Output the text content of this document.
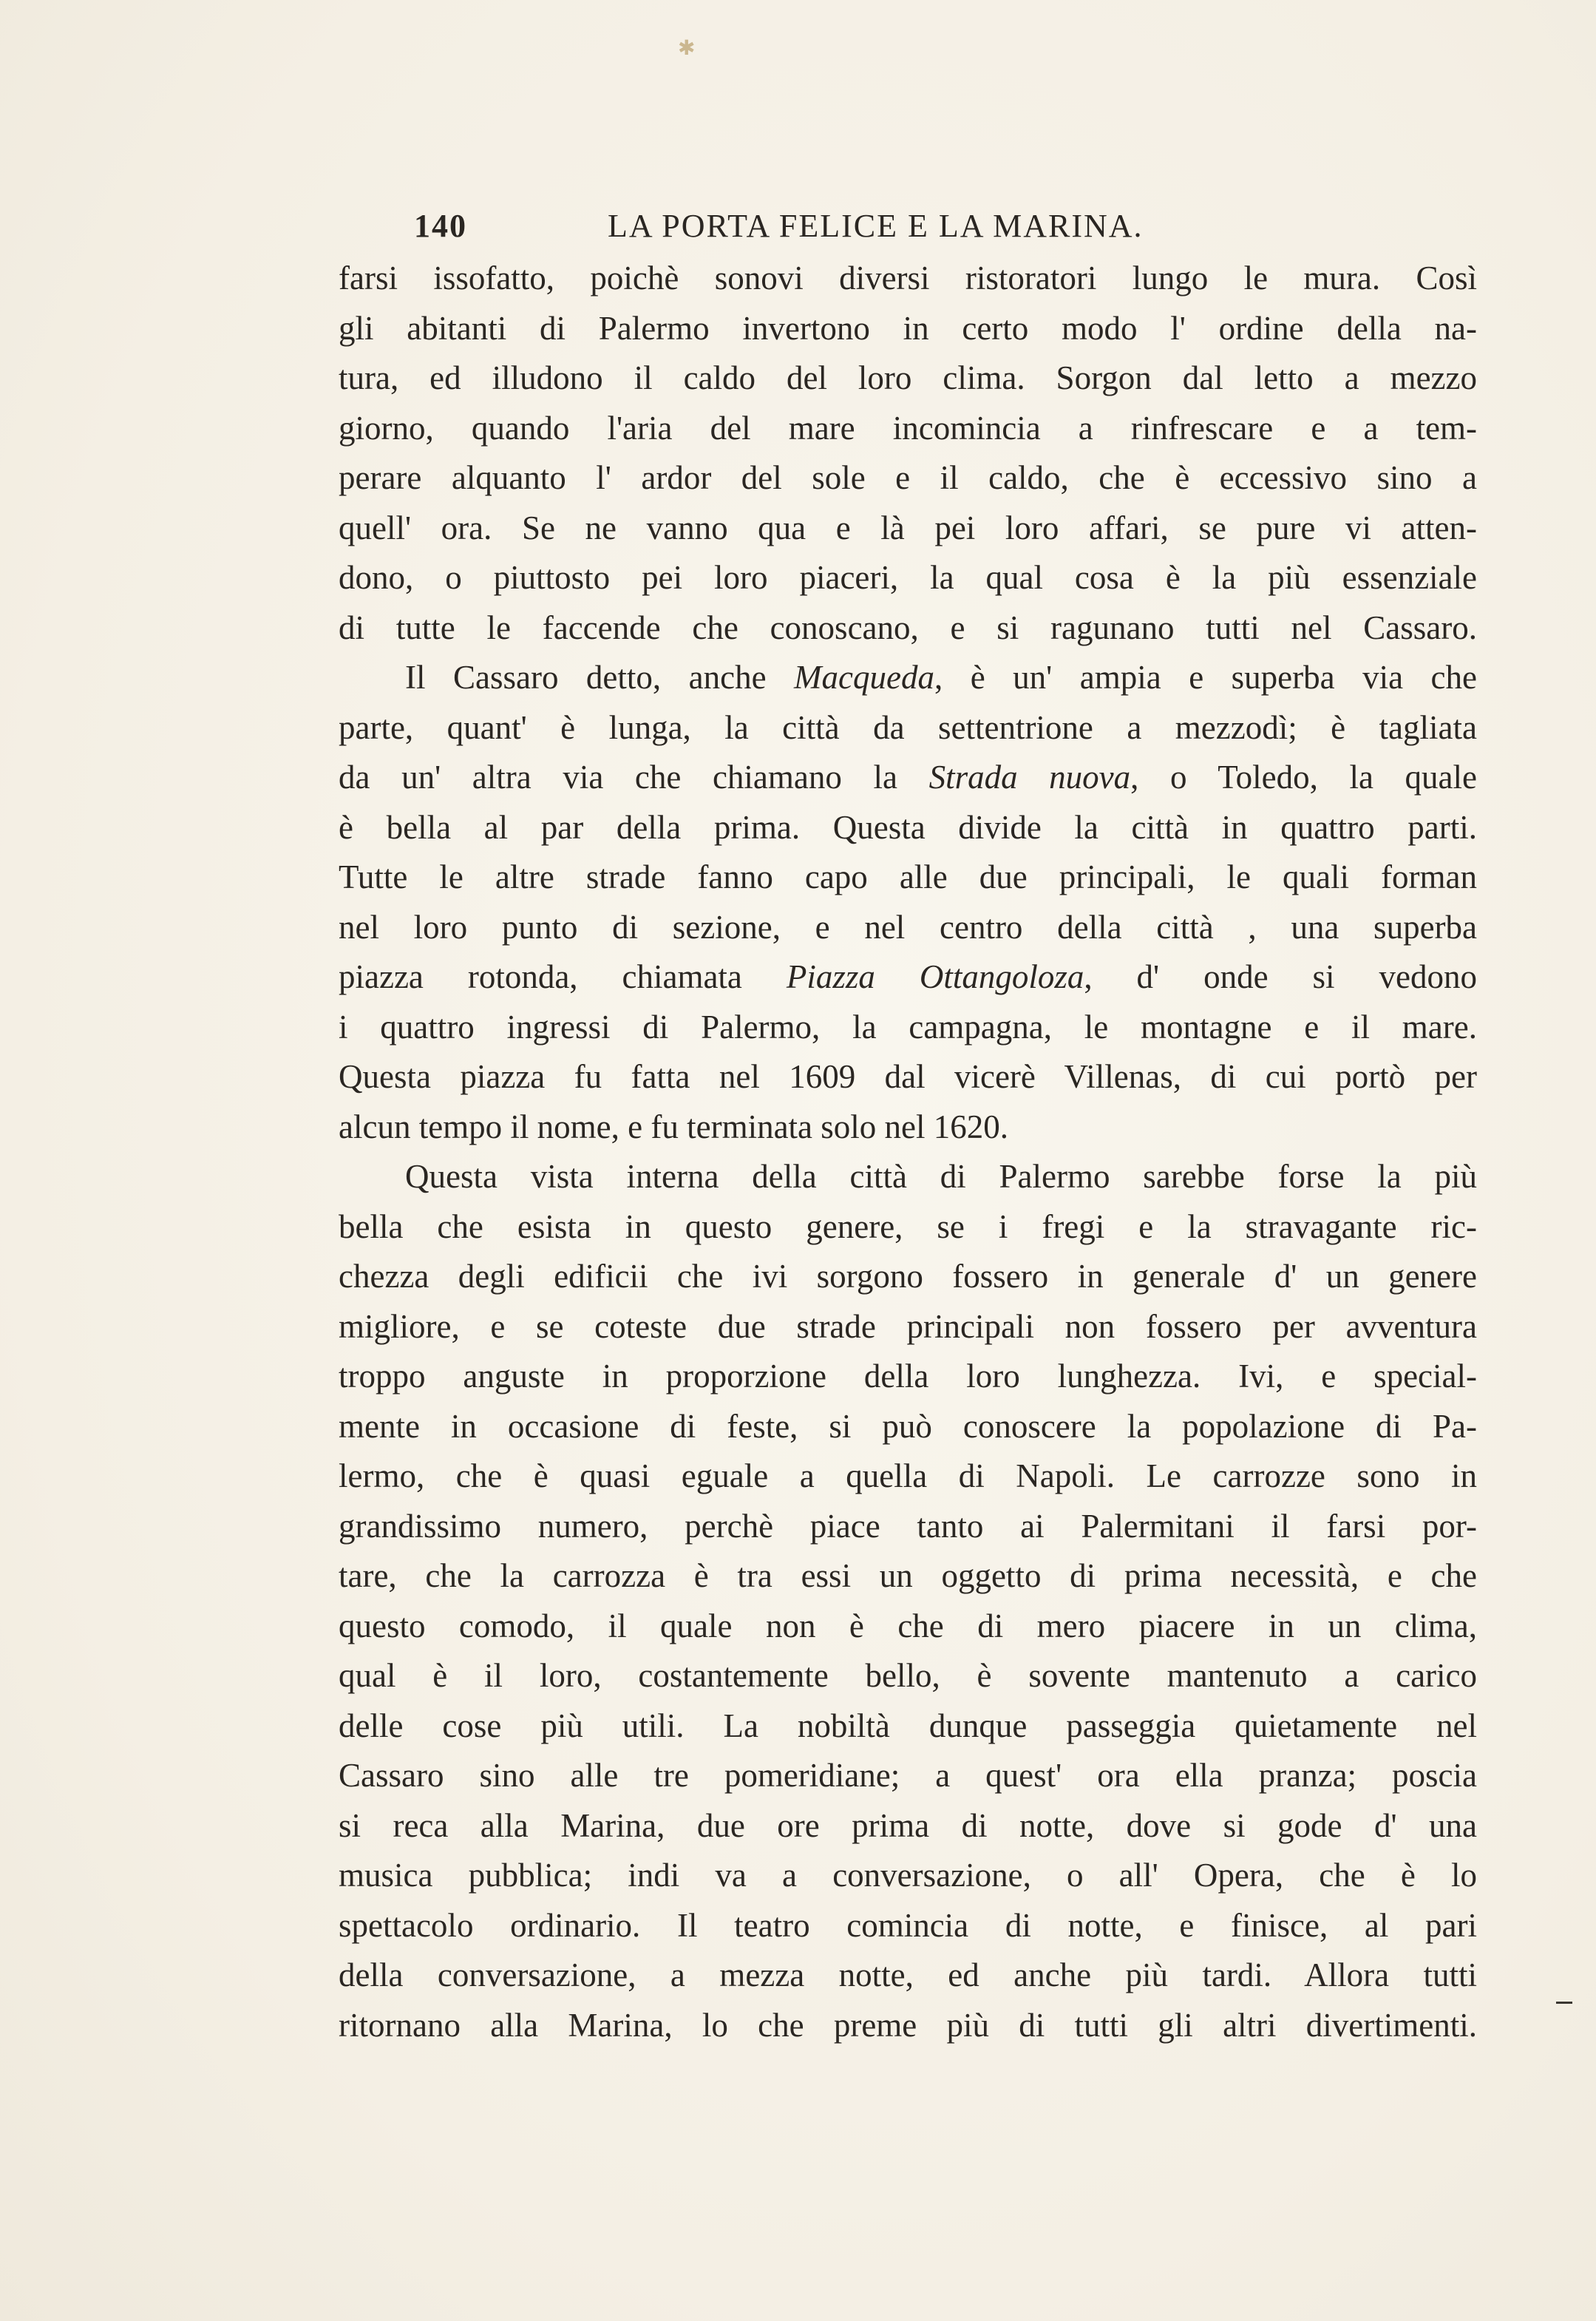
✱
140	LA PORTA FELICE E LA MARINA.
farsi issofatto, poichè sonovi diversi ristoratori lungo le mura. Così
gli abitanti di Palermo invertono in certo modo l' ordine della na-
tura, ed illudono il caldo del loro clima. Sorgon dal letto a mezzo
giorno, quando l'aria del mare incomincia a rinfrescare e a tem-
perare alquanto l' ardor del sole e il caldo, che è eccessivo sino a
quell' ora. Se ne vanno qua e là pei loro affari, se pure vi atten-
dono, o piuttosto pei loro piaceri, la qual cosa è la più essenziale
di tutte le faccende che conoscano, e si ragunano tutti nel Cassaro.
Il Cassaro detto, anche Macqueda, è un' ampia e superba via che
parte, quant' è lunga, la città da settentrione a mezzodì; è tagliata
da un' altra via che chiamano la Strada nuova, o Toledo, la quale
è bella al par della prima. Questa divide la città in quattro parti.
Tutte le altre strade fanno capo alle due principali, le quali forman
nel loro punto di sezione, e nel centro della città , una superba
piazza rotonda, chiamata Piazza Ottangoloza, d' onde si vedono
i quattro ingressi di Palermo, la campagna, le montagne e il mare.
Questa piazza fu fatta nel 1609 dal vicerè Villenas, di cui portò per
alcun tempo il nome, e fu terminata solo nel 1620.
Questa vista interna della città di Palermo sarebbe forse la più
bella che esista in questo genere, se i fregi e la stravagante ric-
chezza degli edificii che ivi sorgono fossero in generale d' un genere
migliore, e se coteste due strade principali non fossero per avventura
troppo anguste in proporzione della loro lunghezza. Ivi, e special-
mente in occasione di feste, si può conoscere la popolazione di Pa-
lermo, che è quasi eguale a quella di Napoli. Le carrozze sono in
grandissimo numero, perchè piace tanto ai Palermitani il farsi por-
tare, che la carrozza è tra essi un oggetto di prima necessità, e che
questo comodo, il quale non è che di mero piacere in un clima,
qual è il loro, costantemente bello, è sovente mantenuto a carico
delle cose più utili. La nobiltà dunque passeggia quietamente nel
Cassaro sino alle tre pomeridiane; a quest' ora ella pranza; poscia
si reca alla Marina, due ore prima di notte, dove si gode d' una
musica pubblica; indi va a conversazione, o all' Opera, che è lo
spettacolo ordinario. Il teatro comincia di notte, e finisce, al pari
della conversazione, a mezza notte, ed anche più tardi. Allora tutti
ritornano alla Marina, lo che preme più di tutti gli altri divertimenti.
